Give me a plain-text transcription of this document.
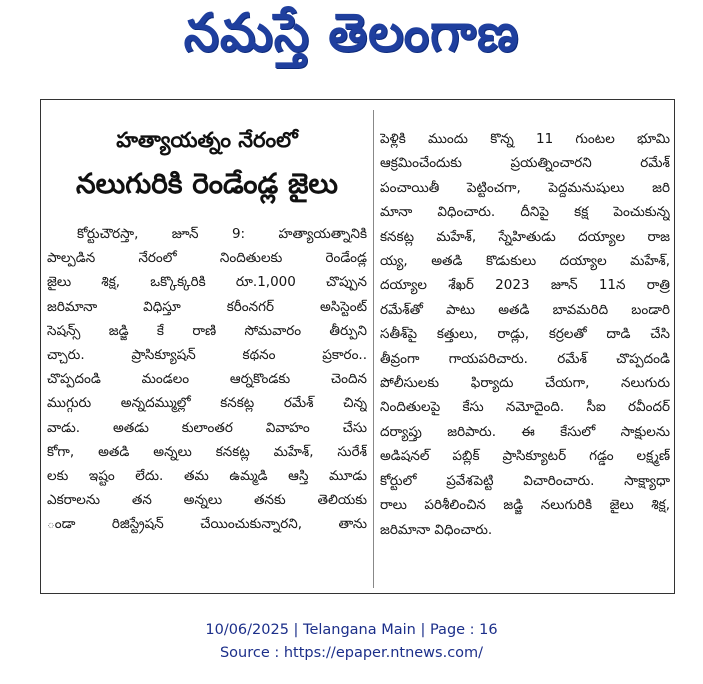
నమస్తే తెలంగాణ
హత్యాయత్నం నేరంలో
నలుగురికి రెండేండ్ల జైలు
కోర్టుచౌరస్తా, జూన్ 9: హత్యాయత్నానికి
పాల్పడిన నేరంలో నిందితులకు రెండేండ్ల
జైలు శిక్ష, ఒక్కొక్కరికి రూ.1,000 చొప్పున
జరిమానా విధిస్తూ కరీంనగర్ అసిస్టెంట్
సెషన్స్ జడ్జి కే రాణి సోమవారం తీర్పుని
చ్చారు. ప్రాసిక్యూషన్ కథనం ప్రకారం..
చొప్పదండి మండలం ఆర్నకొండకు చెందిన
ముగ్గురు అన్నదమ్ముల్లో కనకట్ల రమేశ్ చిన్న
వాడు. అతడు కులాంతర వివాహం చేసు
కోగా, అతడి అన్నలు కనకట్ల మహేశ్, సురేశ్
లకు ఇష్టం లేదు. తమ ఉమ్మడి ఆస్తి మూడు
ఎకరాలను తన అన్నలు తనకు తెలియకు
ండా రిజిస్ట్రేషన్ చేయించుకున్నారని, తాను
పెళ్లికి ముందు కొన్న 11 గుంటల భూమి
ఆక్రమించేందుకు ప్రయత్నించారని రమేశ్
పంచాయితీ పెట్టించగా, పెద్దమనుషులు జరి
మానా విధించారు. దీనిపై కక్ష పెంచుకున్న
కనకట్ల మహేశ్, స్నేహితుడు దయ్యాల రాజ
య్య, అతడి కొడుకులు దయ్యాల మహేశ్,
దయ్యాల శేఖర్ 2023 జూన్ 11న రాత్రి
రమేశ్‌తో పాటు అతడి బావమరిది బండారి
సతీశ్‌పై కత్తులు, రాడ్లు, కర్రలతో దాడి చేసి
తీవ్రంగా గాయపరిచారు. రమేశ్ చొప్పదండి
పోలీసులకు ఫిర్యాదు చేయగా, నలుగురు
నిందితులపై కేసు నమోదైంది. సీఐ రవీందర్
దర్యాప్తు జరిపారు. ఈ కేసులో సాక్షులను
అడిషనల్ పబ్లిక్ ప్రాసిక్యూటర్ గడ్డం లక్ష్మణ్
కోర్టులో ప్రవేశపెట్టి విచారించారు. సాక్ష్యాధా
రాలు పరిశీలించిన జడ్జి నలుగురికి జైలు శిక్ష,
జరిమానా విధించారు.
10/06/2025 | Telangana Main | Page : 16
Source : https://epaper.ntnews.com/
